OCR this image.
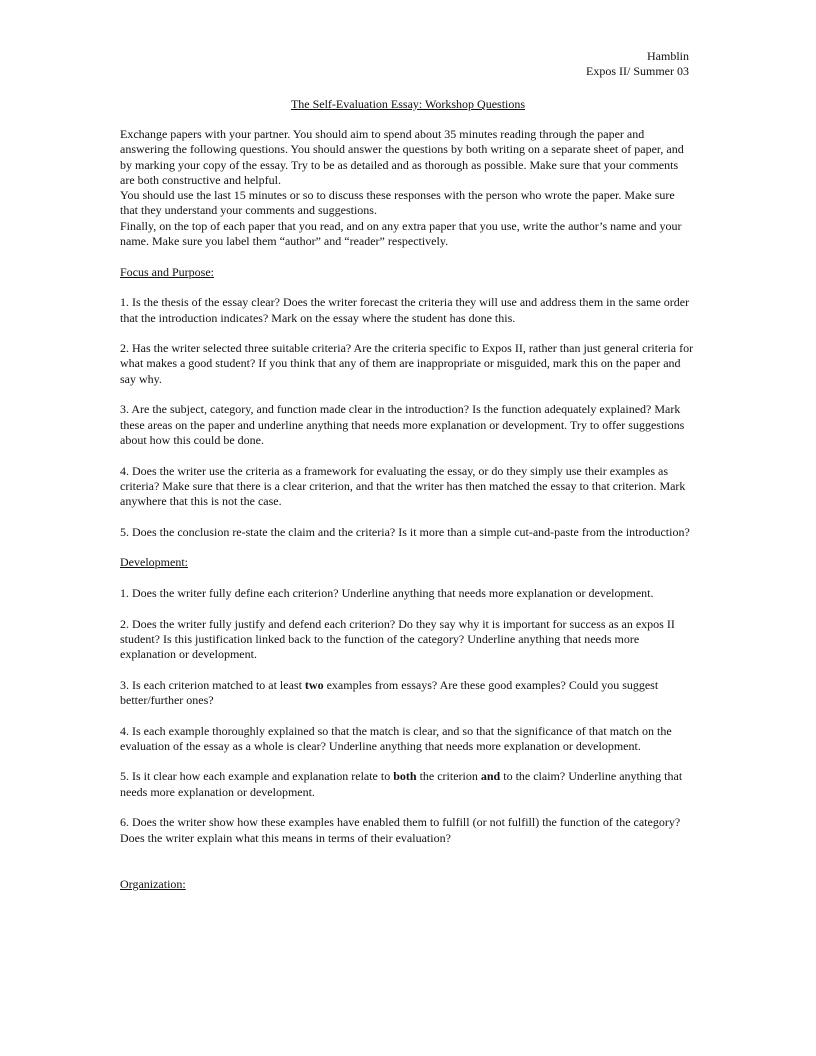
Hamblin
Expos II/ Summer 03
The Self-Evaluation Essay: Workshop Questions

Exchange papers with your partner. You should aim to spend about 35 minutes reading through the paper and answering the following questions. You should answer the questions by both writing on a separate sheet of paper, and by marking your copy of the essay. Try to be as detailed and as thorough as possible. Make sure that your comments are both constructive and helpful.

You should use the last 15 minutes or so to discuss these responses with the person who wrote the paper. Make sure that they understand your comments and suggestions.

Finally, on the top of each paper that you read, and on any extra paper that you use, write the author’s name and your name. Make sure you label them “author” and “reader” respectively.

Focus and Purpose:

1. Is the thesis of the essay clear? Does the writer forecast the criteria they will use and address them in the same order that the introduction indicates? Mark on the essay where the student has done this.

2. Has the writer selected three suitable criteria? Are the criteria specific to Expos II, rather than just general criteria for what makes a good student? If you think that any of them are inappropriate or misguided, mark this on the paper and say why.

3. Are the subject, category, and function made clear in the introduction? Is the function adequately explained? Mark these areas on the paper and underline anything that needs more explanation or development. Try to offer suggestions about how this could be done.

4. Does the writer use the criteria as a framework for evaluating the essay, or do they simply use their examples as criteria? Make sure that there is a clear criterion, and that the writer has then matched the essay to that criterion. Mark anywhere that this is not the case.

5. Does the conclusion re-state the claim and the criteria? Is it more than a simple cut-and-paste from the introduction?

Development:

1. Does the writer fully define each criterion? Underline anything that needs more explanation or development.

2. Does the writer fully justify and defend each criterion? Do they say why it is important for success as an expos II student? Is this justification linked back to the function of the category? Underline anything that needs more explanation or development.

3. Is each criterion matched to at least two examples from essays? Are these good examples? Could you suggest better/further ones?

4. Is each example thoroughly explained so that the match is clear, and so that the significance of that match on the evaluation of the essay as a whole is clear? Underline anything that needs more explanation or development.

5. Is it clear how each example and explanation relate to both the criterion and to the claim? Underline anything that needs more explanation or development.

6. Does the writer show how these examples have enabled them to fulfill (or not fulfill) the function of the category? Does the writer explain what this means in terms of their evaluation?

Organization:
